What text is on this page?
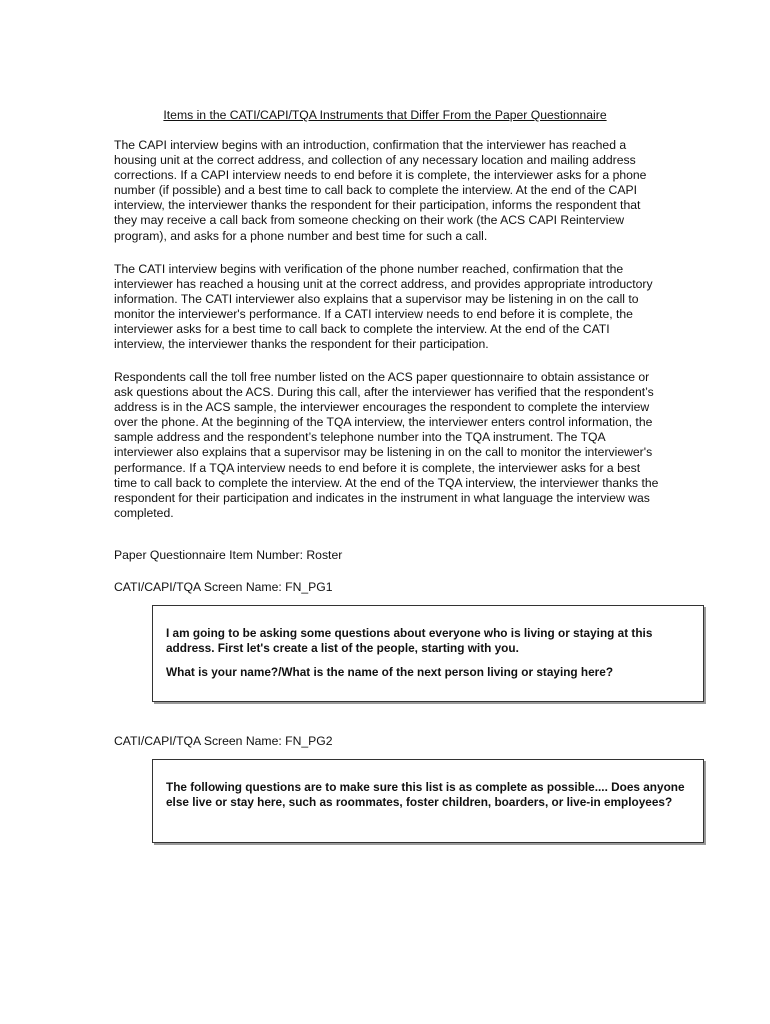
Items in the CATI/CAPI/TQA Instruments that Differ From the Paper Questionnaire

The CAPI interview begins with an introduction, confirmation that the interviewer has reached a housing unit at the correct address, and collection of any necessary location and mailing address corrections. If a CAPI interview needs to end before it is complete, the interviewer asks for a phone number (if possible) and a best time to call back to complete the interview. At the end of the CAPI interview, the interviewer thanks the respondent for their participation, informs the respondent that they may receive a call back from someone checking on their work (the ACS CAPI Reinterview program), and asks for a phone number and best time for such a call.

The CATI interview begins with verification of the phone number reached, confirmation that the interviewer has reached a housing unit at the correct address, and provides appropriate introductory information. The CATI interviewer also explains that a supervisor may be listening in on the call to monitor the interviewer's performance. If a CATI interview needs to end before it is complete, the interviewer asks for a best time to call back to complete the interview. At the end of the CATI interview, the interviewer thanks the respondent for their participation.

Respondents call the toll free number listed on the ACS paper questionnaire to obtain assistance or ask questions about the ACS. During this call, after the interviewer has verified that the respondent’s address is in the ACS sample, the interviewer encourages the respondent to complete the interview over the phone. At the beginning of the TQA interview, the interviewer enters control information, the sample address and the respondent’s telephone number into the TQA instrument. The TQA interviewer also explains that a supervisor may be listening in on the call to monitor the interviewer's performance. If a TQA interview needs to end before it is complete, the interviewer asks for a best time to call back to complete the interview. At the end of the TQA interview, the interviewer thanks the respondent for their participation and indicates in the instrument in what language the interview was completed.

Paper Questionnaire Item Number: Roster

CATI/CAPI/TQA Screen Name: FN_PG1

I am going to be asking some questions about everyone who is living or staying at this address. First let's create a list of the people, starting with you.

What is your name?/What is the name of the next person living or staying here?

CATI/CAPI/TQA Screen Name: FN_PG2

The following questions are to make sure this list is as complete as possible.... Does anyone else live or stay here, such as roommates, foster children, boarders, or live-in employees?
